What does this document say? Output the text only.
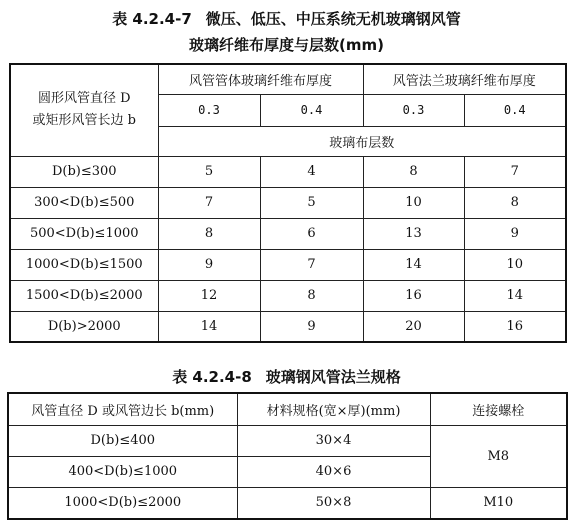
表 4.2.4-7 微压、低压、中压系统无机玻璃钢风管
玻璃纤维布厚度与层数(mm)
圆形风管直径 D
或矩形风管长边 b	风管管体玻璃纤维布厚度		风管法兰玻璃纤维布厚度	
	0.3	0.4	0.3	0.4
	玻璃布层数			
D(b)≤300	5	4	8	7
300<D(b)≤500	7	5	10	8
500<D(b)≤1000	8	6	13	9
1000<D(b)≤1500	9	7	14	10
1500<D(b)≤2000	12	8	16	14
D(b)>2000	14	9	20	16
表 4.2.4-8 玻璃钢风管法兰规格
风管直径 D 或风管边长 b(mm)	材料规格(宽×厚)(mm)	连接螺栓
D(b)≤400	30×4	M8
400<D(b)≤1000	40×6	
1000<D(b)≤2000	50×8	M10
